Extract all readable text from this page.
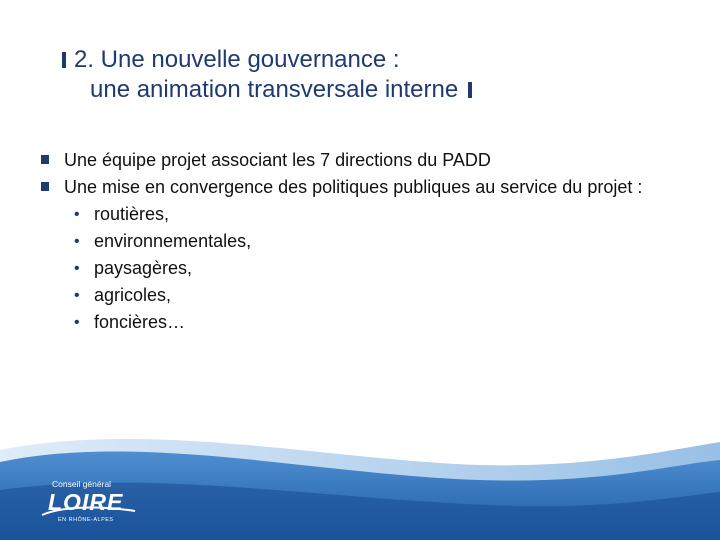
2. Une nouvelle gouvernance :
une animation transversale interne
Une équipe projet associant les 7 directions du PADD
Une mise en convergence des politiques publiques au service du projet :
• routières,
• environnementales,
• paysagères,
• agricoles,
• foncières…
Conseil général
LOIRE
EN RHÔNE-ALPES
